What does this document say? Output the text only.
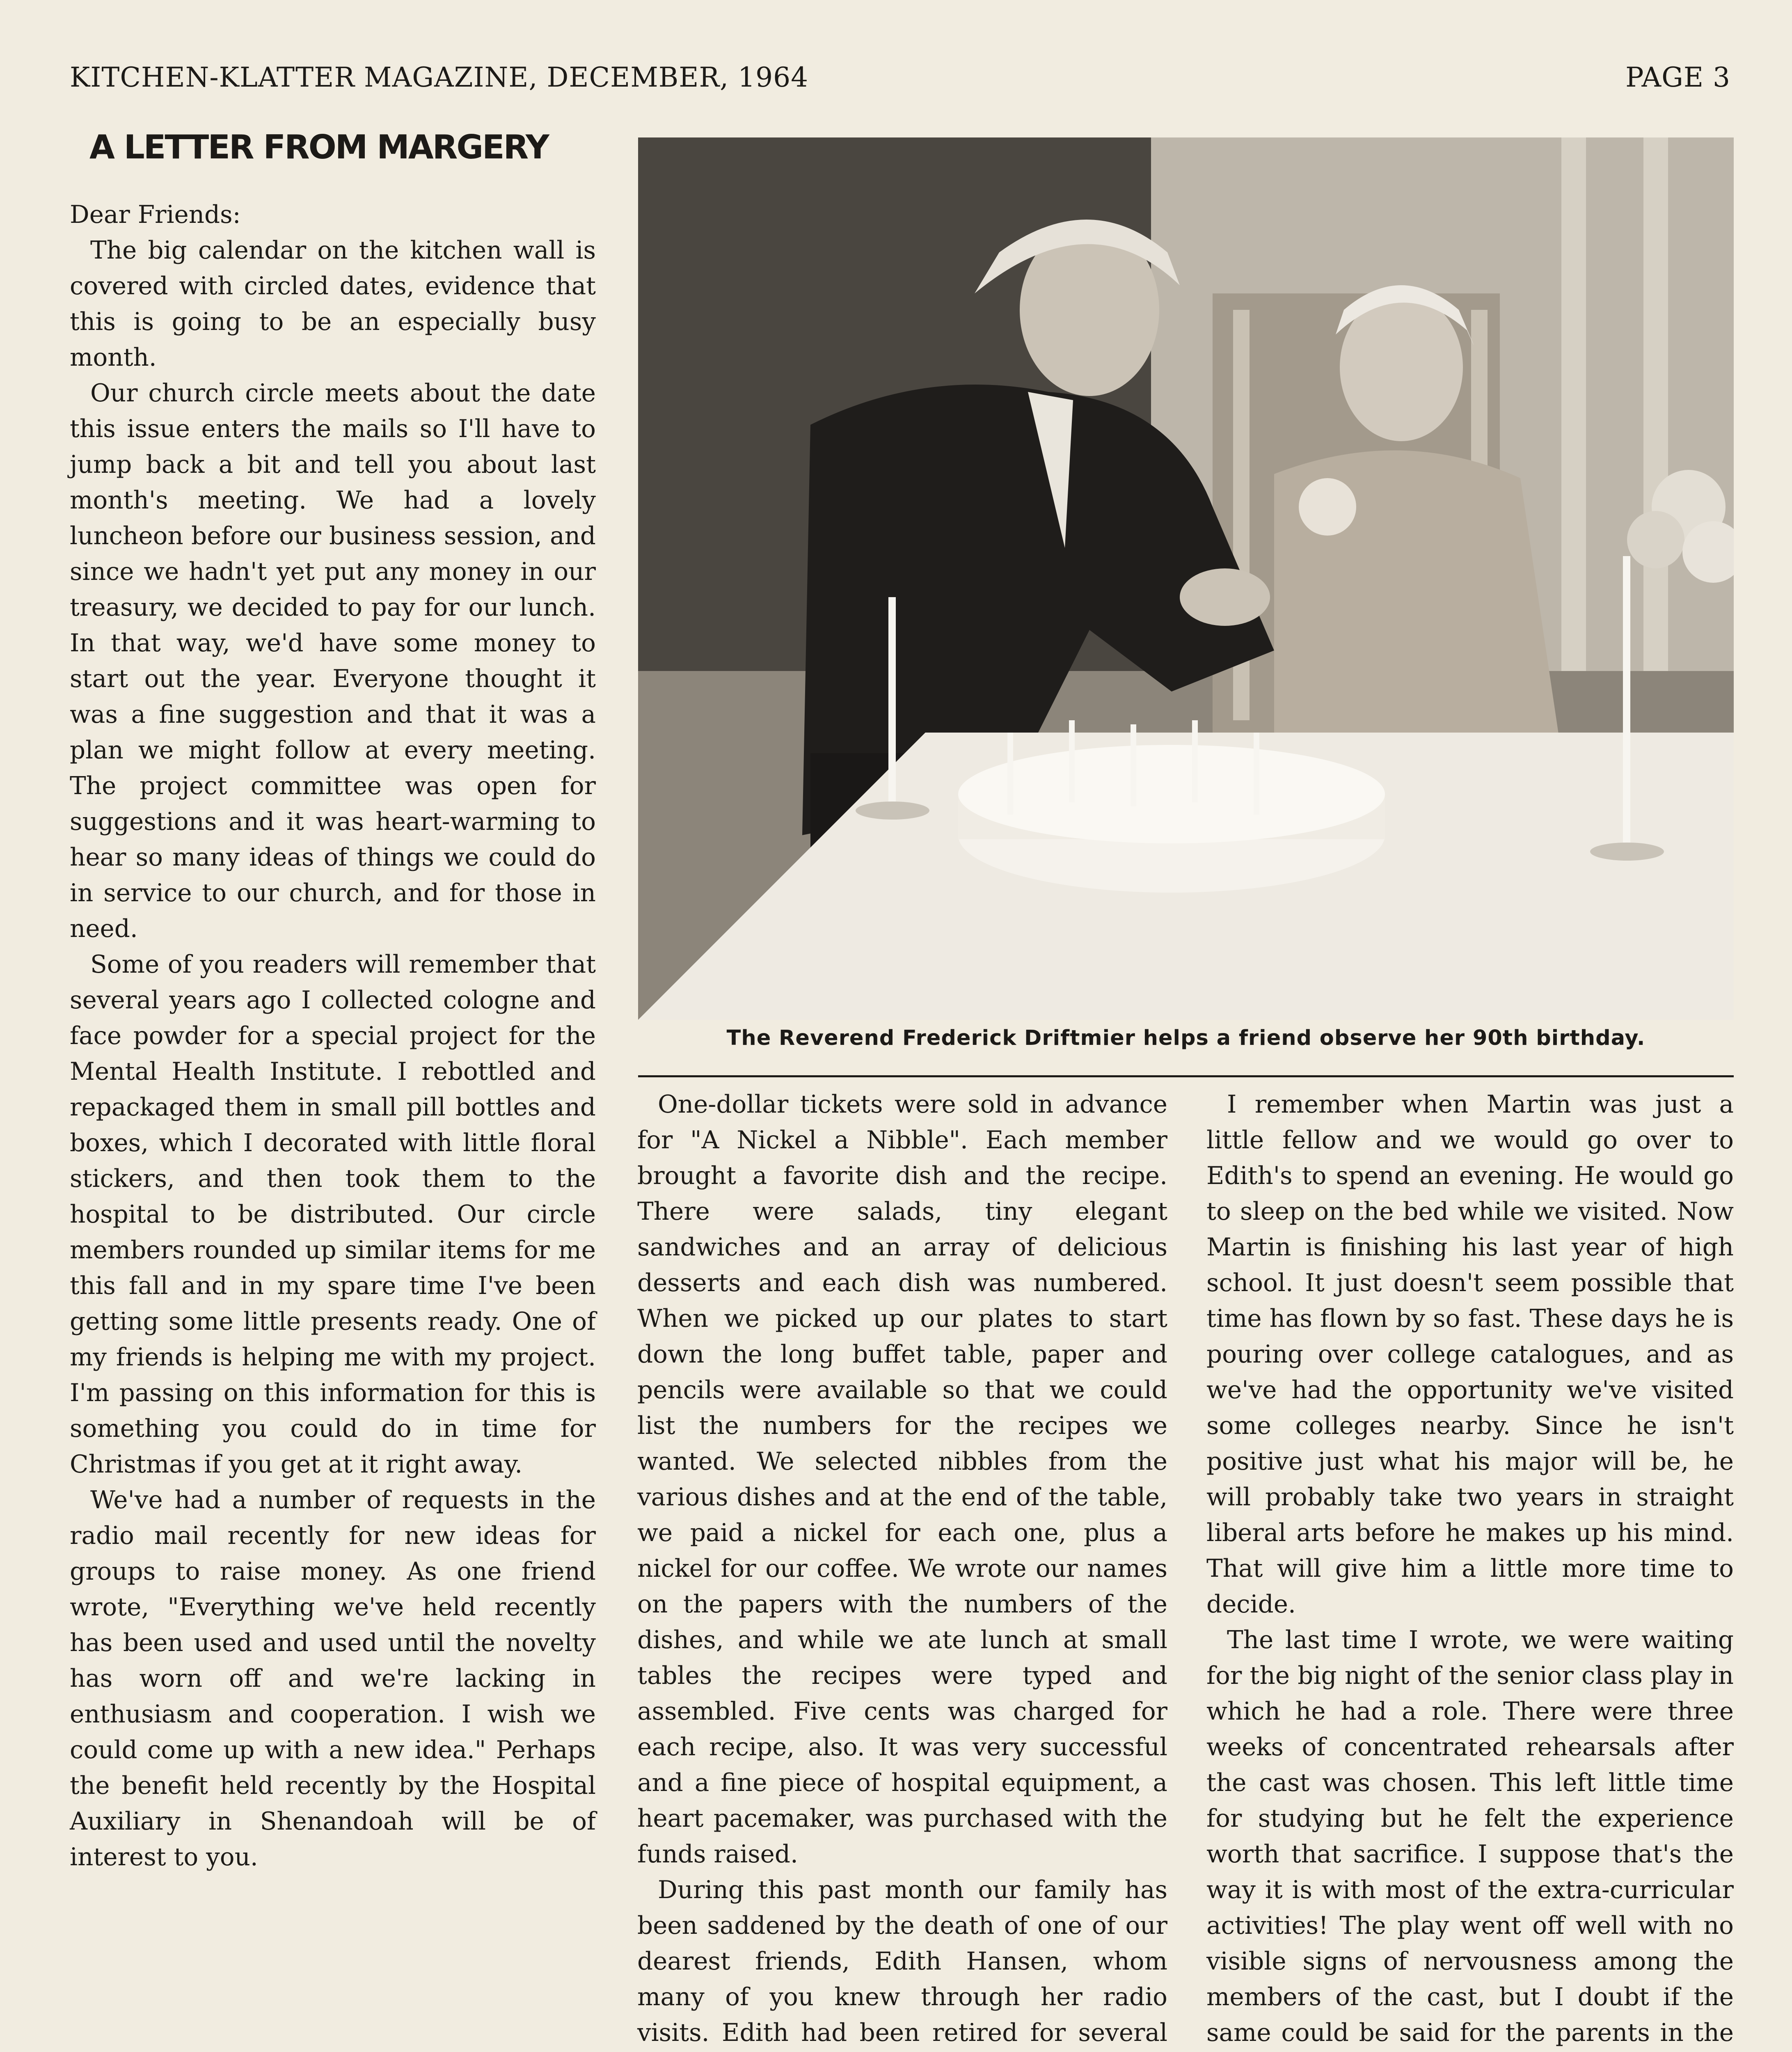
KITCHEN-KLATTER MAGAZINE, DECEMBER, 1964	PAGE 3
A LETTER FROM MARGERY
The Reverend Frederick Driftmier helps a friend observe her 90th birthday.

Dear Friends:

The big calendar on the kitchen wall is covered with circled dates, evidence that this is going to be an especially busy month.

Our church circle meets about the date this issue enters the mails so I'll have to jump back a bit and tell you about last month's meeting. We had a lovely luncheon before our business session, and since we hadn't yet put any money in our treasury, we decided to pay for our lunch. In that way, we'd have some money to start out the year. Everyone thought it was a fine suggestion and that it was a plan we might follow at every meeting. The project committee was open for suggestions and it was heart-warming to hear so many ideas of things we could do in service to our church, and for those in need.

Some of you readers will remember that several years ago I collected cologne and face powder for a special project for the Mental Health Institute. I rebottled and repackaged them in small pill bottles and boxes, which I decorated with little floral stickers, and then took them to the hospital to be distributed. Our circle members rounded up similar items for me this fall and in my spare time I've been getting some little presents ready. One of my friends is helping me with my project. I'm passing on this information for this is something you could do in time for Christmas if you get at it right away.

We've had a number of requests in the radio mail recently for new ideas for groups to raise money. As one friend wrote, "Everything we've held recently has been used and used until the novelty has worn off and we're lacking in enthusiasm and cooperation. I wish we could come up with a new idea." Perhaps the benefit held recently by the Hospital Auxiliary in Shenandoah will be of interest to you.

One-dollar tickets were sold in advance for "A Nickel a Nibble". Each member brought a favorite dish and the recipe. There were salads, tiny elegant sandwiches and an array of delicious desserts and each dish was numbered. When we picked up our plates to start down the long buffet table, paper and pencils were available so that we could list the numbers for the recipes we wanted. We selected nibbles from the various dishes and at the end of the table, we paid a nickel for each one, plus a nickel for our coffee. We wrote our names on the papers with the numbers of the dishes, and while we ate lunch at small tables the recipes were typed and assembled. Five cents was charged for each recipe, also. It was very successful and a fine piece of hospital equipment, a heart pacemaker, was purchased with the funds raised.

During this past month our family has been saddened by the death of one of our dearest friends, Edith Hansen, whom many of you knew through her radio visits. Edith had been retired for several

I remember when Martin was just a little fellow and we would go over to Edith's to spend an evening. He would go to sleep on the bed while we visited. Now Martin is finishing his last year of high school. It just doesn't seem possible that time has flown by so fast. These days he is pouring over college catalogues, and as we've had the opportunity we've visited some colleges nearby. Since he isn't positive just what his major will be, he will probably take two years in straight liberal arts before he makes up his mind. That will give him a little more time to decide.

The last time I wrote, we were waiting for the big night of the senior class play in which he had a role. There were three weeks of concentrated rehearsals after the cast was chosen. This left little time for studying but he felt the experience worth that sacrifice. I suppose that's the way it is with most of the extra-curricular activities! The play went off well with no visible signs of nervousness among the members of the cast, but I doubt if the same could be said for the parents in the
